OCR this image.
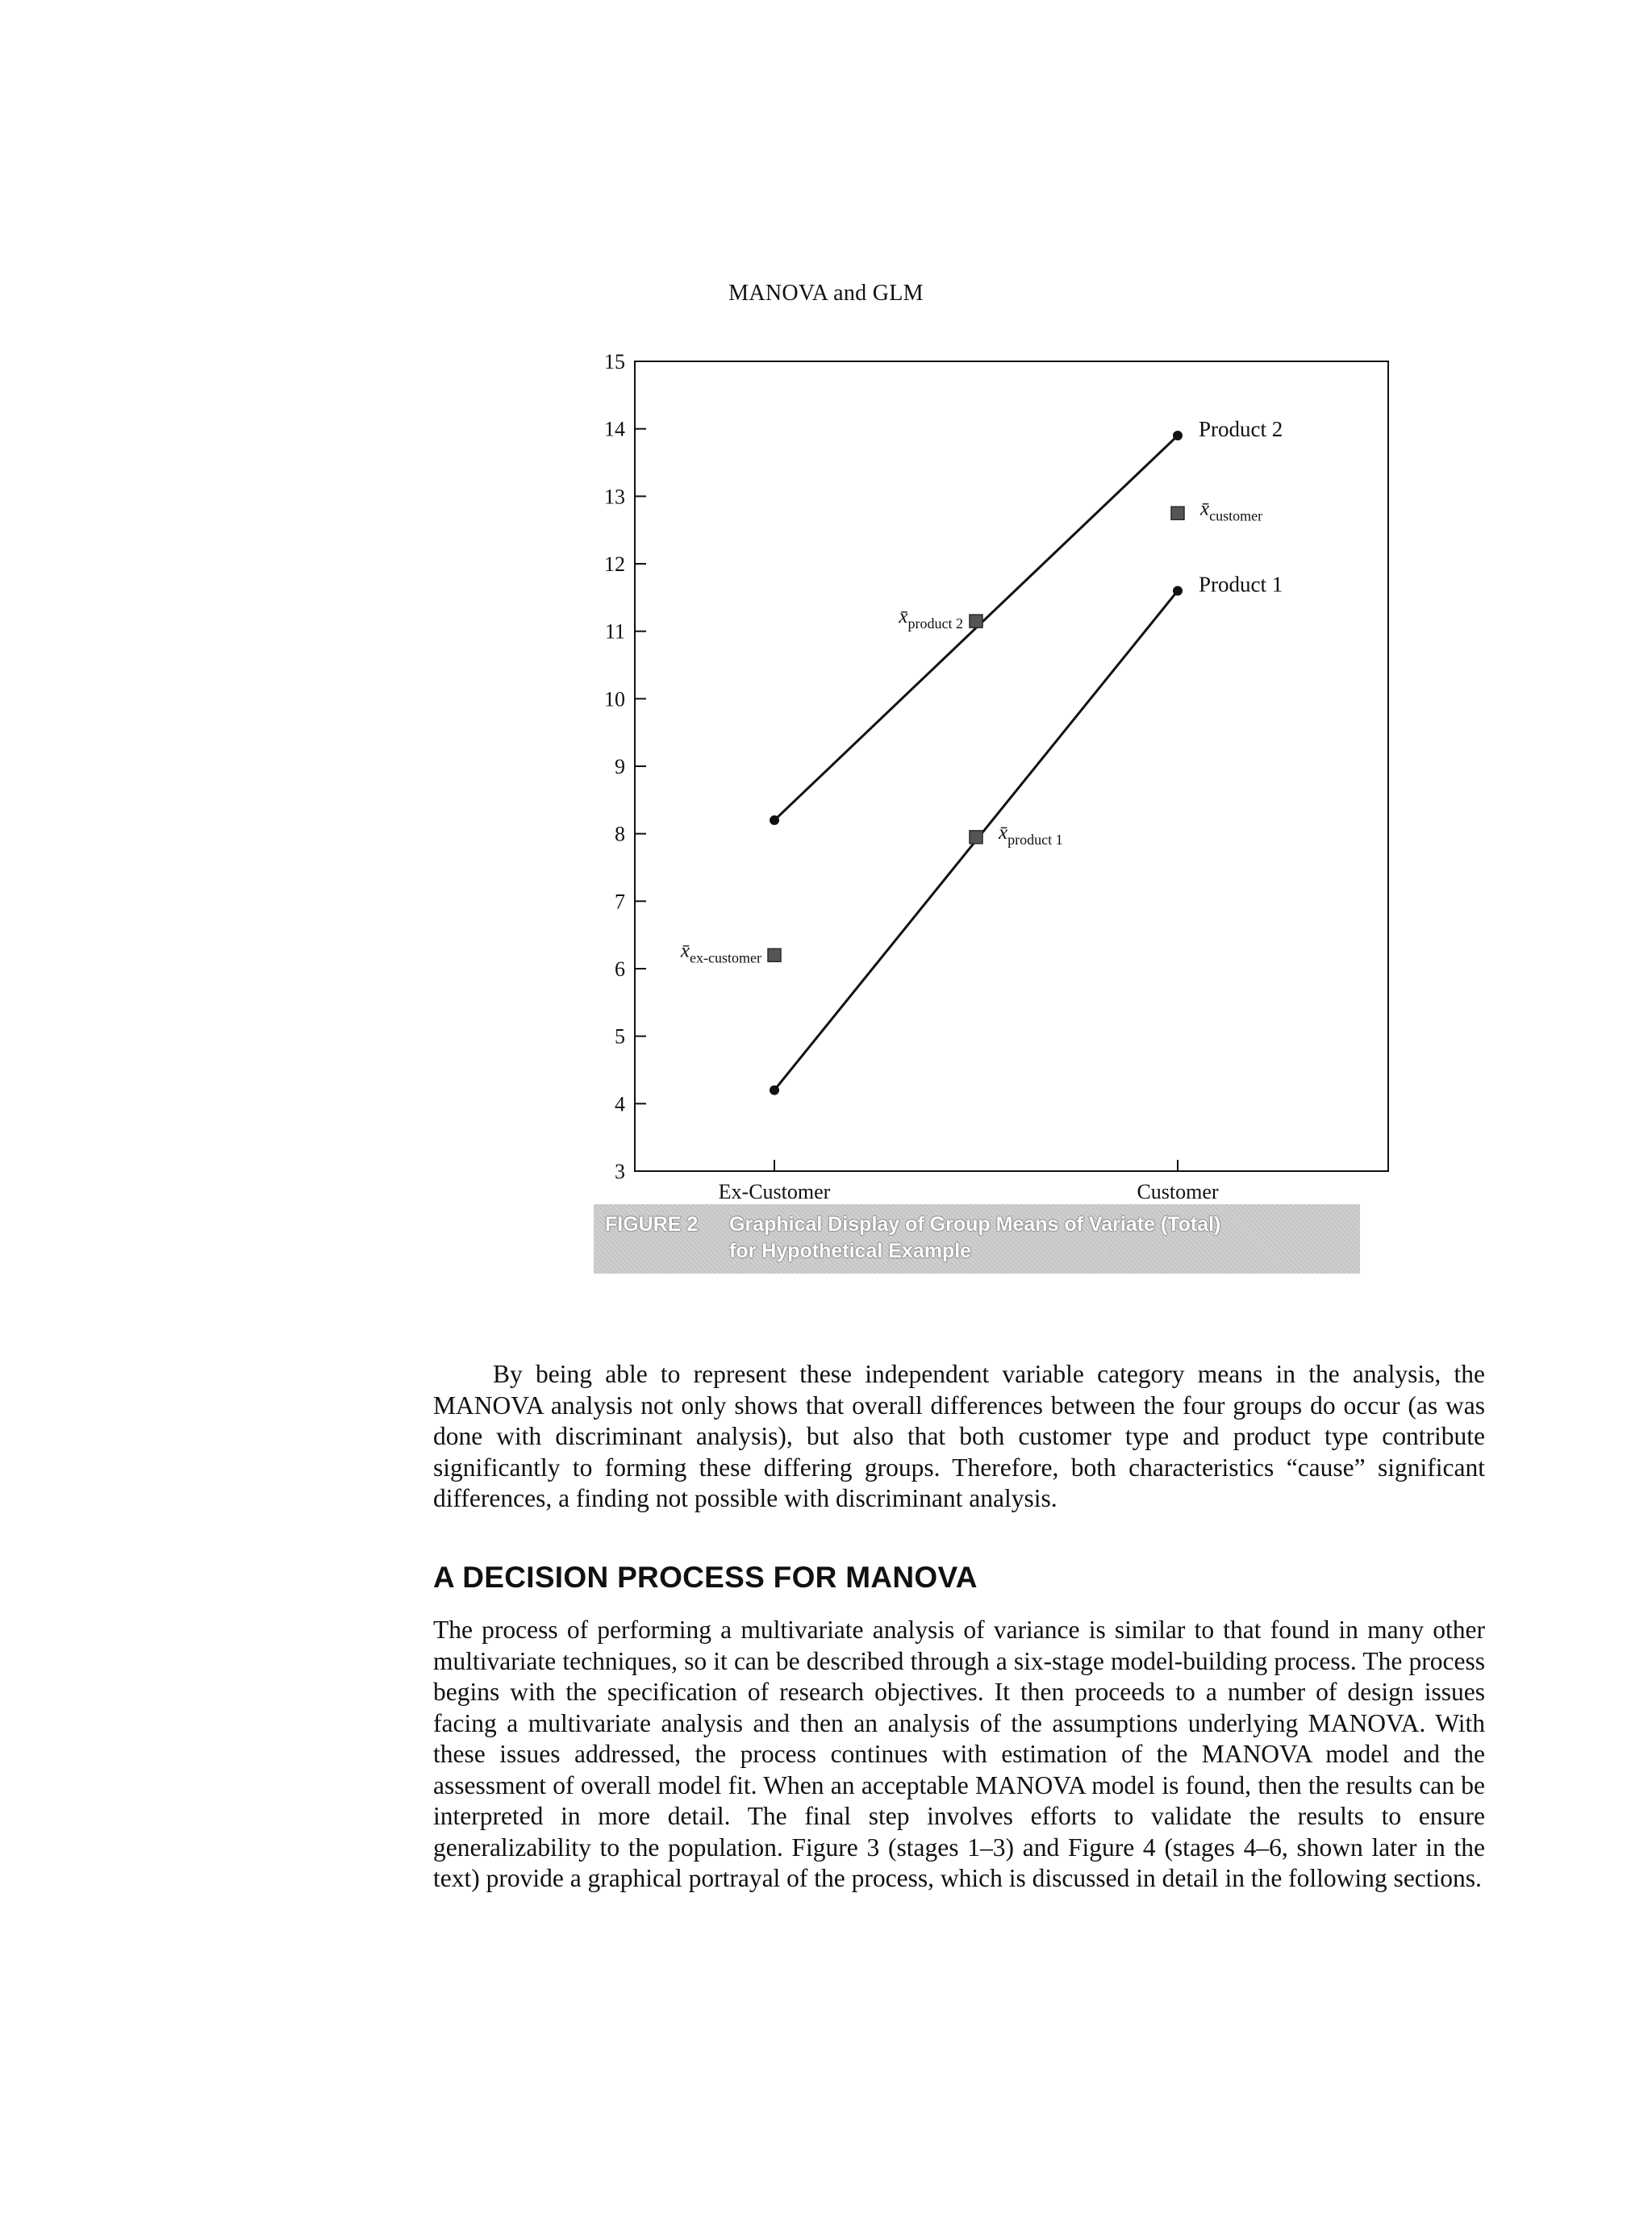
MANOVA and GLM
3
4
5
6
7
8
9
10
11
12
13
14
15
Ex-Customer	Customer
Product 2
Product 1
x̄product 2
x̄product 1
x̄ex-customer
x̄customer
FIGURE 2 Graphical Display of Group Means of Variate (Total)
for Hypothetical Example

By being able to represent these independent variable category means in the analysis, the MANOVA analysis not only shows that overall differences between the four groups do occur (as was done with discriminant analysis), but also that both customer type and product type contribute significantly to forming these differing groups. Therefore, both characteristics “cause” significant differences, a finding not possible with discriminant analysis.

A DECISION PROCESS FOR MANOVA

The process of performing a multivariate analysis of variance is similar to that found in many other multivariate techniques, so it can be described through a six-stage model-building process. The process begins with the specification of research objectives. It then proceeds to a number of design issues facing a multivariate analysis and then an analysis of the assumptions underlying MANOVA. With these issues addressed, the process continues with estimation of the MANOVA model and the assessment of overall model fit. When an acceptable MANOVA model is found, then the results can be interpreted in more detail. The final step involves efforts to validate the results to ensure generalizability to the population. Figure 3 (stages 1–3) and Figure 4 (stages 4–6, shown later in the text) provide a graphical portrayal of the process, which is discussed in detail in the following sections.
